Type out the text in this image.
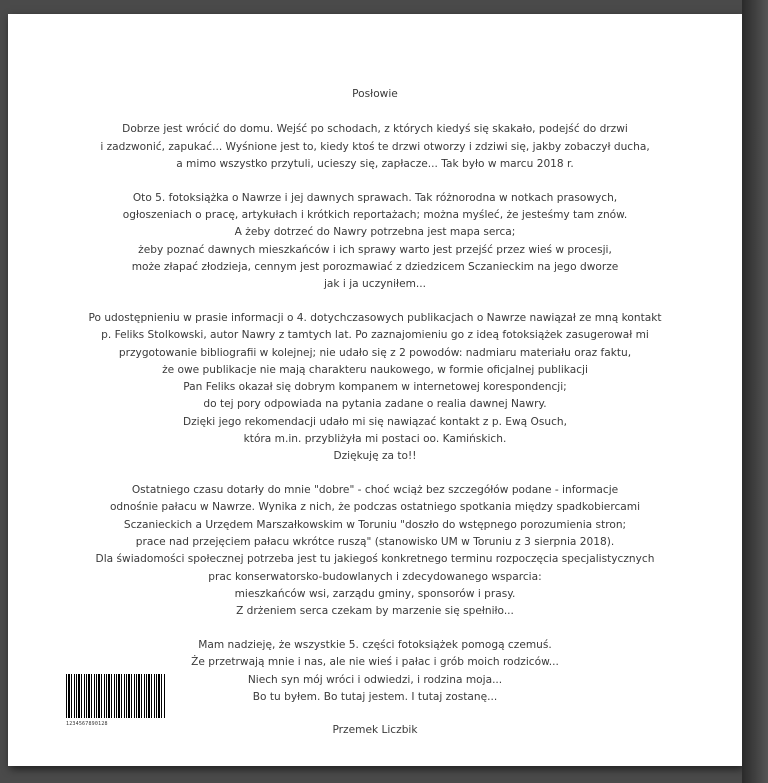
Posłowie
Dobrze jest wrócić do domu. Wejść po schodach, z których kiedyś się skakało, podejść do drzwi
i zadzwonić, zapukać... Wyśnione jest to, kiedy ktoś te drzwi otworzy i zdziwi się, jakby zobaczył ducha,
a mimo wszystko przytuli, ucieszy się, zapłacze... Tak było w marcu 2018 r.
Oto 5. fotoksiążka o Nawrze i jej dawnych sprawach. Tak różnorodna w notkach prasowych,
ogłoszeniach o pracę, artykułach i krótkich reportażach; można myśleć, że jesteśmy tam znów.
A żeby dotrzeć do Nawry potrzebna jest mapa serca;
żeby poznać dawnych mieszkańców i ich sprawy warto jest przejść przez wieś w procesji,
może złapać złodzieja, cennym jest porozmawiać z dziedzicem Sczanieckim na jego dworze
jak i ja uczyniłem...
Po udostępnieniu w prasie informacji o 4. dotychczasowych publikacjach o Nawrze nawiązał ze mną kontakt
p. Feliks Stolkowski, autor Nawry z tamtych lat. Po zaznajomieniu go z ideą fotoksiążek zasugerował mi
przygotowanie bibliografii w kolejnej; nie udało się z 2 powodów: nadmiaru materiału oraz faktu,
że owe publikacje nie mają charakteru naukowego, w formie oficjalnej publikacji
Pan Feliks okazał się dobrym kompanem w internetowej korespondencji;
do tej pory odpowiada na pytania zadane o realia dawnej Nawry.
Dzięki jego rekomendacji udało mi się nawiązać kontakt z p. Ewą Osuch,
która m.in. przybliżyła mi postaci oo. Kamińskich.
Dziękuję za to!!
Ostatniego czasu dotarły do mnie "dobre" - choć wciąż bez szczegółów podane - informacje
odnośnie pałacu w Nawrze. Wynika z nich, że podczas ostatniego spotkania między spadkobiercami
Sczanieckich a Urzędem Marszałkowskim w Toruniu "doszło do wstępnego porozumienia stron;
prace nad przejęciem pałacu wkrótce ruszą" (stanowisko UM w Toruniu z 3 sierpnia 2018).
Dla świadomości społecznej potrzeba jest tu jakiegoś konkretnego terminu rozpoczęcia specjalistycznych
prac konserwatorsko-budowlanych i zdecydowanego wsparcia:
mieszkańców wsi, zarządu gminy, sponsorów i prasy.
Z drżeniem serca czekam by marzenie się spełniło...
Mam nadzieję, że wszystkie 5. części fotoksiążek pomogą czemuś.
Że przetrwają mnie i nas, ale nie wieś i pałac i grób moich rodziców...
Niech syn mój wróci i odwiedzi, i rodzina moja...
Bo tu byłem. Bo tutaj jestem. I tutaj zostanę...
1234567890128	Przemek Liczbik
